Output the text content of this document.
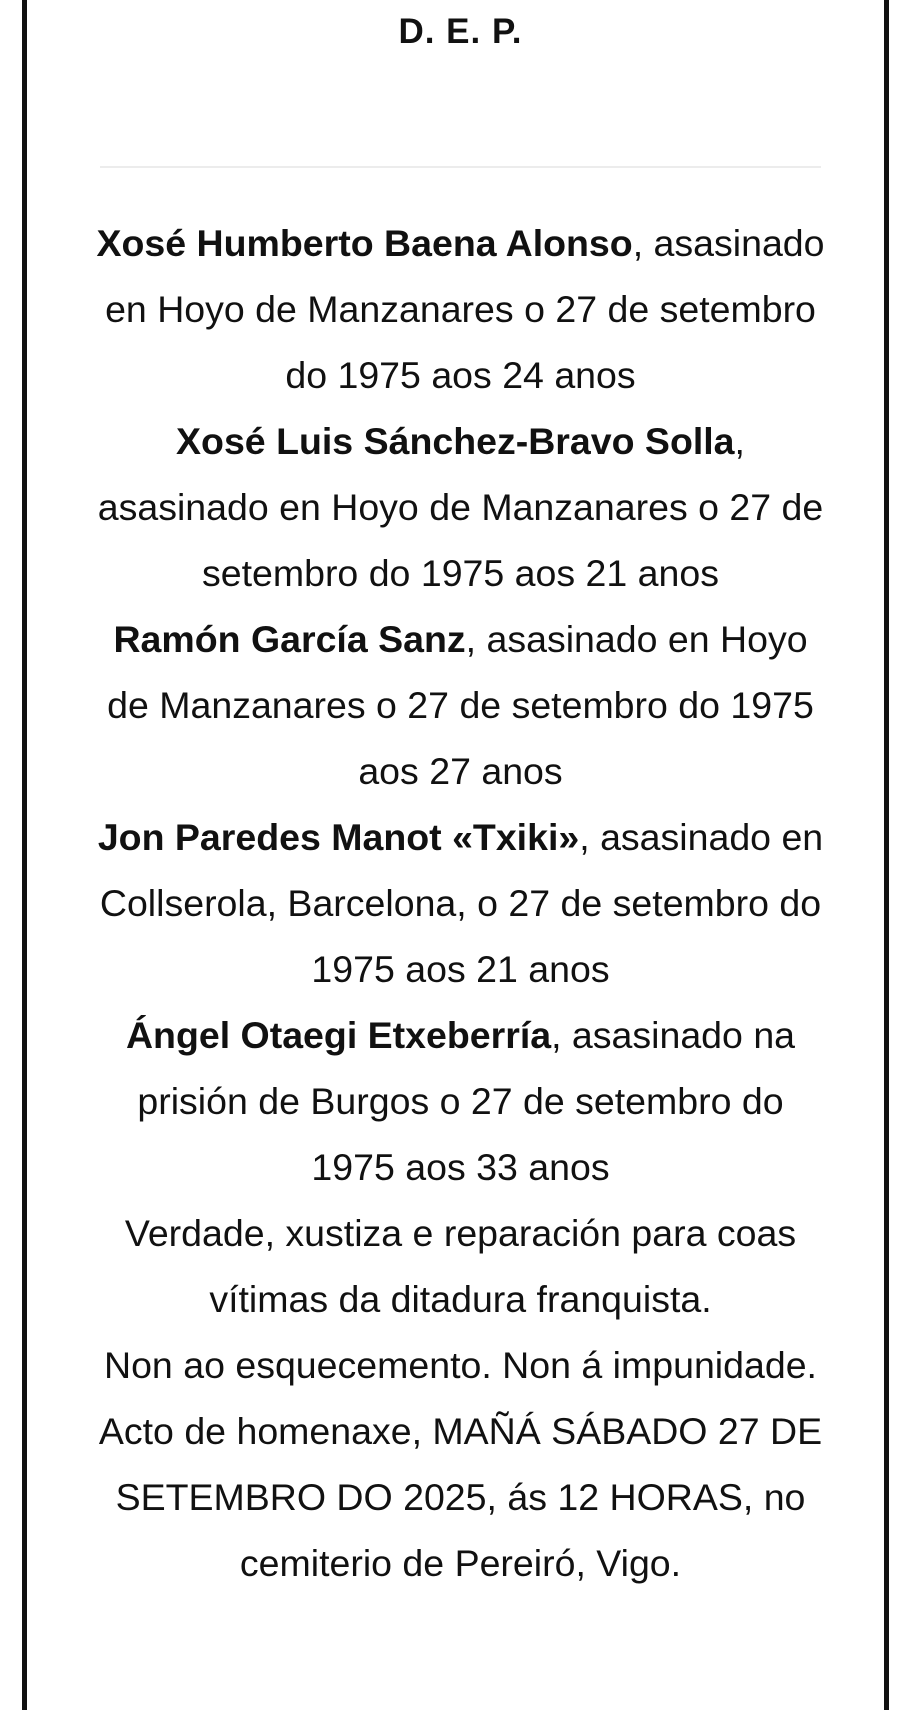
D. E. P.

Xosé Humberto Baena Alonso, asasinado en Hoyo de Manzanares o 27 de setembro do 1975 aos 24 anos

Xosé Luis Sánchez-Bravo Solla, asasinado en Hoyo de Manzanares o 27 de setembro do 1975 aos 21 anos

Ramón García Sanz, asasinado en Hoyo de Manzanares o 27 de setembro do 1975 aos 27 anos

Jon Paredes Manot «Txiki», asasinado en Collserola, Barcelona, o 27 de setembro do 1975 aos 21 anos

Ángel Otaegi Etxeberría, asasinado na prisión de Burgos o 27 de setembro do 1975 aos 33 anos

Verdade, xustiza e reparación para coas vítimas da ditadura franquista.

Non ao esquecemento. Non á impunidade.

Acto de homenaxe, MAÑÁ SÁBADO 27 DE SETEMBRO DO 2025, ás 12 HORAS, no cemiterio de Pereiró, Vigo.
